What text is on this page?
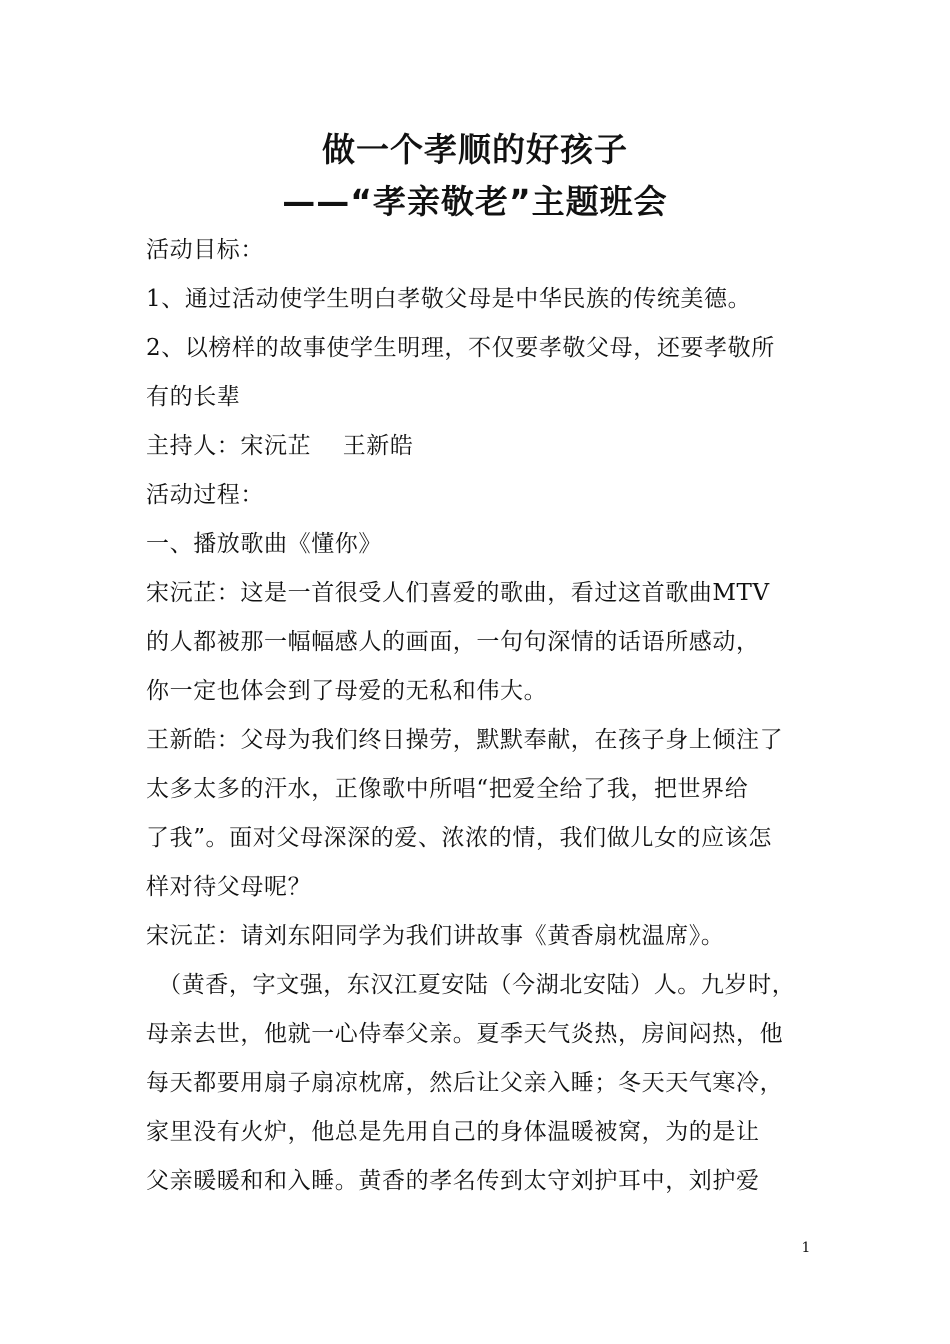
做一个孝顺的好孩子
——“孝亲敬老”主题班会

活动目标：

1、通过活动使学生明白孝敬父母是中华民族的传统美德。

2、以榜样的故事使学生明理，不仅要孝敬父母，还要孝敬所

有的长辈

主持人：宋沅芷　 王新皓

活动过程：

一、播放歌曲《懂你》

宋沅芷：这是一首很受人们喜爱的歌曲，看过这首歌曲MTV

的人都被那一幅幅感人的画面，一句句深情的话语所感动，

你一定也体会到了母爱的无私和伟大。

王新皓：父母为我们终日操劳，默默奉献，在孩子身上倾注了

太多太多的汗水，正像歌中所唱“把爱全给了我，把世界给

了我”。面对父母深深的爱、浓浓的情，我们做儿女的应该怎

样对待父母呢？

宋沅芷：请刘东阳同学为我们讲故事《黄香扇枕温席》。

　（黄香，字文强，东汉江夏安陆（今湖北安陆）人。九岁时，

母亲去世，他就一心侍奉父亲。夏季天气炎热，房间闷热，他

每天都要用扇子扇凉枕席，然后让父亲入睡；冬天天气寒冷，

家里没有火炉，他总是先用自己的身体温暖被窝，为的是让

父亲暖暖和和入睡。黄香的孝名传到太守刘护耳中，刘护爱

1
